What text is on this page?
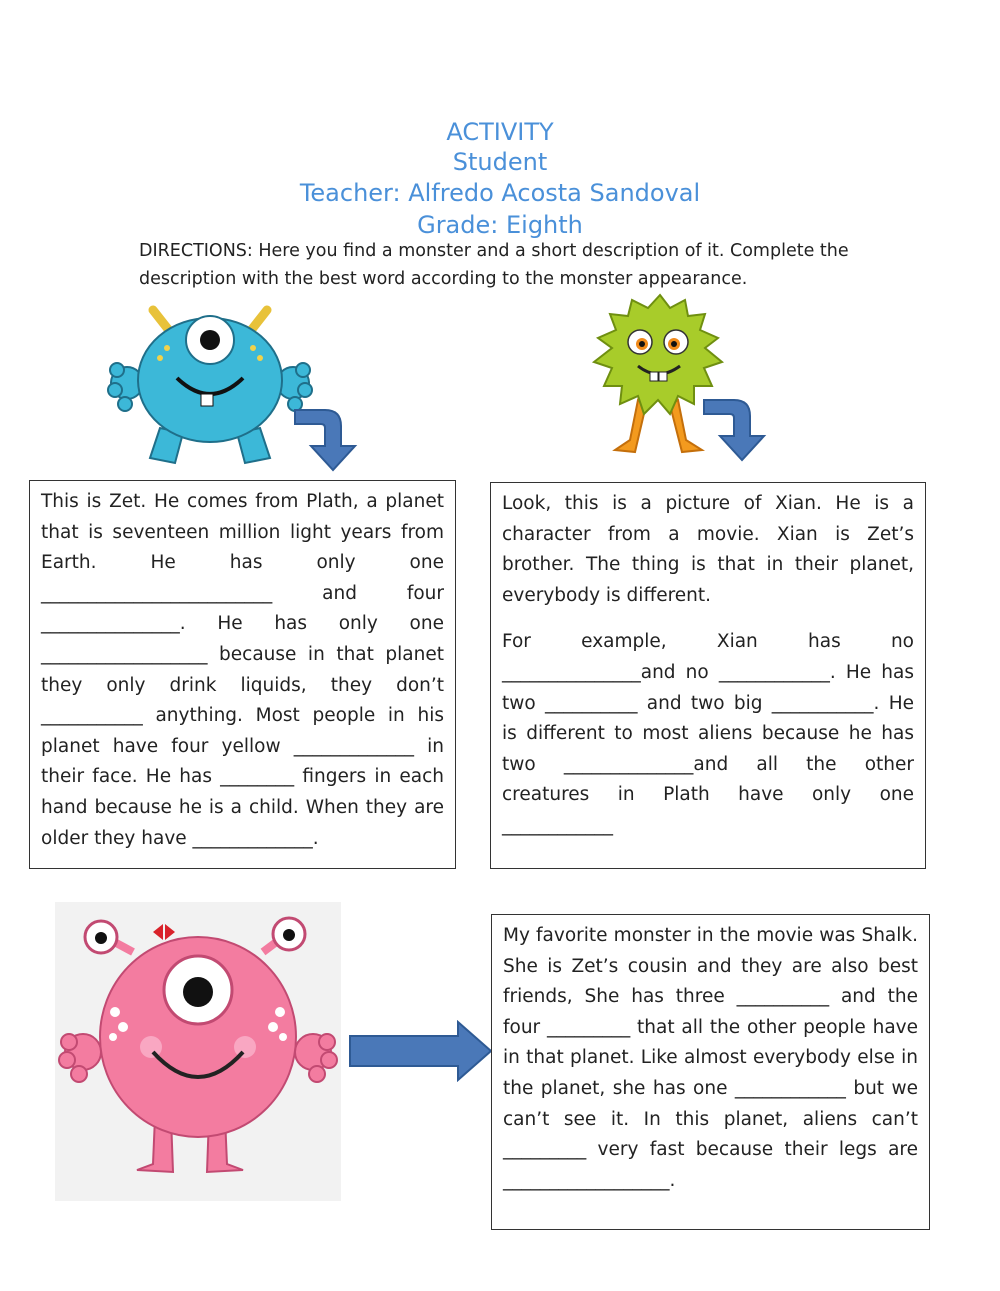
ACTIVITY
Student
Teacher: Alfredo Acosta Sandoval
Grade: Eighth
DIRECTIONS: Here you find a monster and a short description of it. Complete the description with the best word according to the monster appearance.

This is Zet. He comes from Plath, a planet that is seventeen million light years from Earth. He has only one _________________________ and four _______________. He has only one __________________ because in that planet they only drink liquids, they don’t ___________ anything. Most people in his planet have four yellow _____________ in their face. He has ________ fingers in each hand because he is a child. When they are older they have _____________.

Look, this is a picture of Xian. He is a character from a movie. Xian is Zet’s brother. The thing is that in their planet, everybody is different.

For example, Xian has no _______________and no ____________. He has two __________ and two big ___________. He is different to most aliens because he has two ______________and all the other creatures in Plath have only one ____________

My favorite monster in the movie was Shalk. She is Zet’s cousin and they are also best friends, She has three __________ and the four _________ that all the other people have in that planet. Like almost everybody else in the planet, she has one ____________ but we can’t see it. In this planet, aliens can’t _________ very fast because their legs are __________________.
